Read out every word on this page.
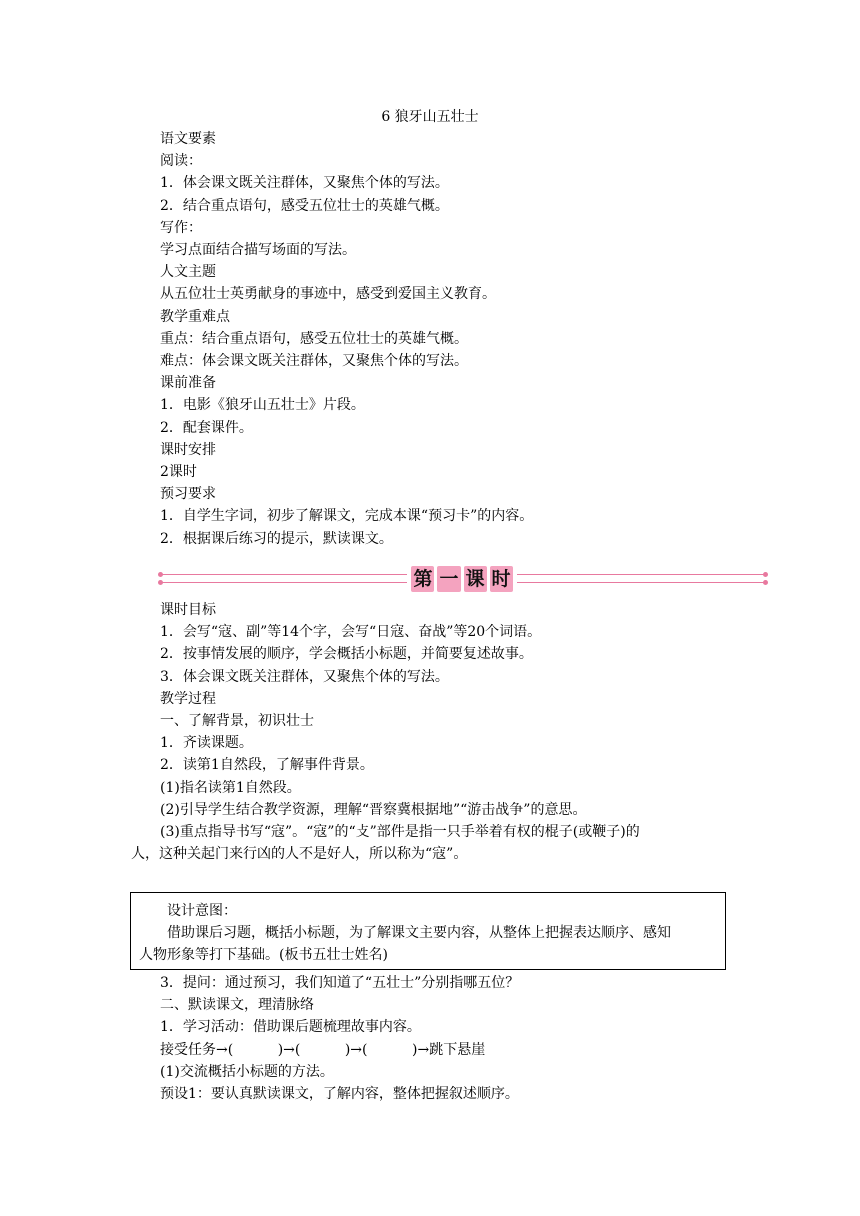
6 狼牙山五壮士

语文要素

阅读：

1．体会课文既关注群体，又聚焦个体的写法。

2．结合重点语句，感受五位壮士的英雄气概。

写作：

学习点面结合描写场面的写法。

人文主题

从五位壮士英勇献身的事迹中，感受到爱国主义教育。

教学重难点

重点：结合重点语句，感受五位壮士的英雄气概。

难点：体会课文既关注群体，又聚焦个体的写法。

课前准备

1．电影《狼牙山五壮士》片段。

2．配套课件。

课时安排

2课时

预习要求

1．自学生字词，初步了解课文，完成本课“预习卡”的内容。

2．根据课后练习的提示，默读课文。

第 一 课 时

课时目标

1．会写“寇、副”等14个字，会写“日寇、奋战”等20个词语。

2．按事情发展的顺序，学会概括小标题，并简要复述故事。

3．体会课文既关注群体，又聚焦个体的写法。

教学过程

一、了解背景，初识壮士

1．齐读课题。

2．读第1自然段，了解事件背景。

(1)指名读第1自然段。

(2)引导学生结合教学资源，理解“晋察冀根据地”“游击战争”的意思。

(3)重点指导书写“寇”。“寇”的“攴”部件是指一只手举着有权的棍子(或鞭子)的

人，这种关起门来行凶的人不是好人，所以称为“寇”。

设计意图：

借助课后习题，概括小标题，为了解课文主要内容，从整体上把握表达顺序、感知

人物形象等打下基础。(板书五壮士姓名)

3．提问：通过预习，我们知道了“五壮士”分别指哪五位？

二、默读课文，理清脉络

1．学习活动：借助课后题梳理故事内容。

接受任务→(          )→(          )→(          )→跳下悬崖

(1)交流概括小标题的方法。

预设1：要认真默读课文，了解内容，整体把握叙述顺序。
